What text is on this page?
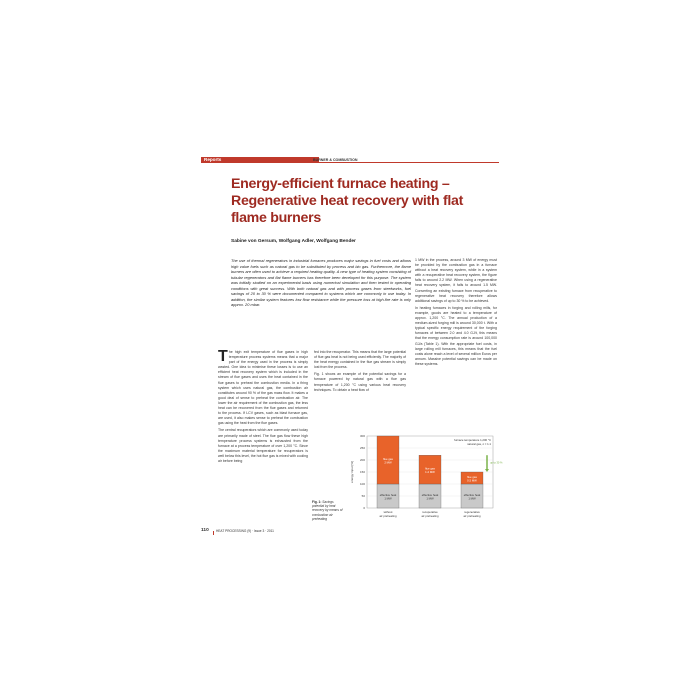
Reports	BURNER & COMBUSTION
Energy-efficient furnace heating – Regenerative heat recovery with flat flame burners
Sabine von Gersum, Wolfgang Adler, Wolfgang Bender
The use of thermal regenerators in industrial furnaces produces major savings in fuel costs and allows high value fuels such as natural gas to be substituted by process and bio gas. Furthermore, the flame burners are often used to achieve a required heating quality. A new type of heating system consisting of tubular regenerators and flat flame burners has therefore been developed for this purpose. The system was initially studied on an experimental basis using numerical simulation and then tested in operating conditions with great success. With both natural gas and with process gases from steelworks, fuel savings of 20 to 30 % were documented compared to systems which are commonly in use today. In addition, the similar system features low flow resistance while the pressure loss at high-fire rate is only approx. 20 mbar.
The high exit temperature of flue gases in high temperature process systems means that a major part of the energy used in the process is simply wasted. One idea to minimise these losses is to use an efficient heat recovery system which is included in the stream of flue gases and uses the heat contained in the flue gases to preheat the combustion media. In a firing system which uses natural gas, the combustion air constitutes around 90 % of the gas mass flow. It makes a good deal of sense to preheat the combustion air. The lower the air requirement of the combustion gas, the less heat can be recovered from the flue gases and returned to the process. If LCV gases, such as blast furnace gas, are used, it also makes sense to preheat the combustion gas using the heat from the flue gases.
The central recuperators which are commonly used today are primarily made of steel. The flue gas flow these high temperature process systems is exhausted from the furnace at a process temperature of over 1,200 °C. Since the maximum material temperature for recuperators is well below this level, the hot flue gas is mixed with cooling air before being
fed into the recuperator. This means that the large potential of flue gas heat is not being used efficiently. The majority of the heat energy contained in the flue gas stream is simply lost from the process.
Fig. 1 shows an example of the potential savings for a furnace powered by natural gas with a flue gas temperature of 1,200 °C using various heat recovery techniques. To obtain a heat flow of

1 MW in the process, around 3 MW of energy must be provided by the combustion gas in a furnace without a heat recovery system, while in a system with a recuperative heat recovery system, the figure falls to around 2.2 MW. When using a regenerative heat recovery system, it falls to around 1.5 MW. Converting an existing furnace from recuperative to regenerative heat recovery therefore allows additional savings of up to 30 % to be achieved.

In heating furnaces in forging and rolling mills, for example, goods are heated to a temperature of approx. 1,200 °C. The annual production of a medium-sized forging mill is around 30,000 t. With a typical specific energy requirement of the forging furnaces of between 2.0 and 4.0 GJ/t, this means that the energy consumption rate is around 100,000 GJ/a (Table 1). With the appropriate fuel costs, in large rolling mill furnaces, this means that the fuel costs alone reach a level of several million Euros per annum. Massive potential savings can be made on these systems.

0
50
100
150
200
250
300
energy input [%]
furnace temperature 1,200 °C
natural gas, λ = 1.1
effective heat
1 MW
flue gas
2 MW
without
air preheating
effective heat
1 MW
flue gas
1.2 MW
recuperative
air preheating
effective heat
1 MW
flue gas
0.5 MW
regenerative
air preheating
up to 30 %
Fig. 1: Savings potential by heat recovery by means of combustion air preheating
110 HEAT PROCESSING (9) · Issue 3 · 2011
